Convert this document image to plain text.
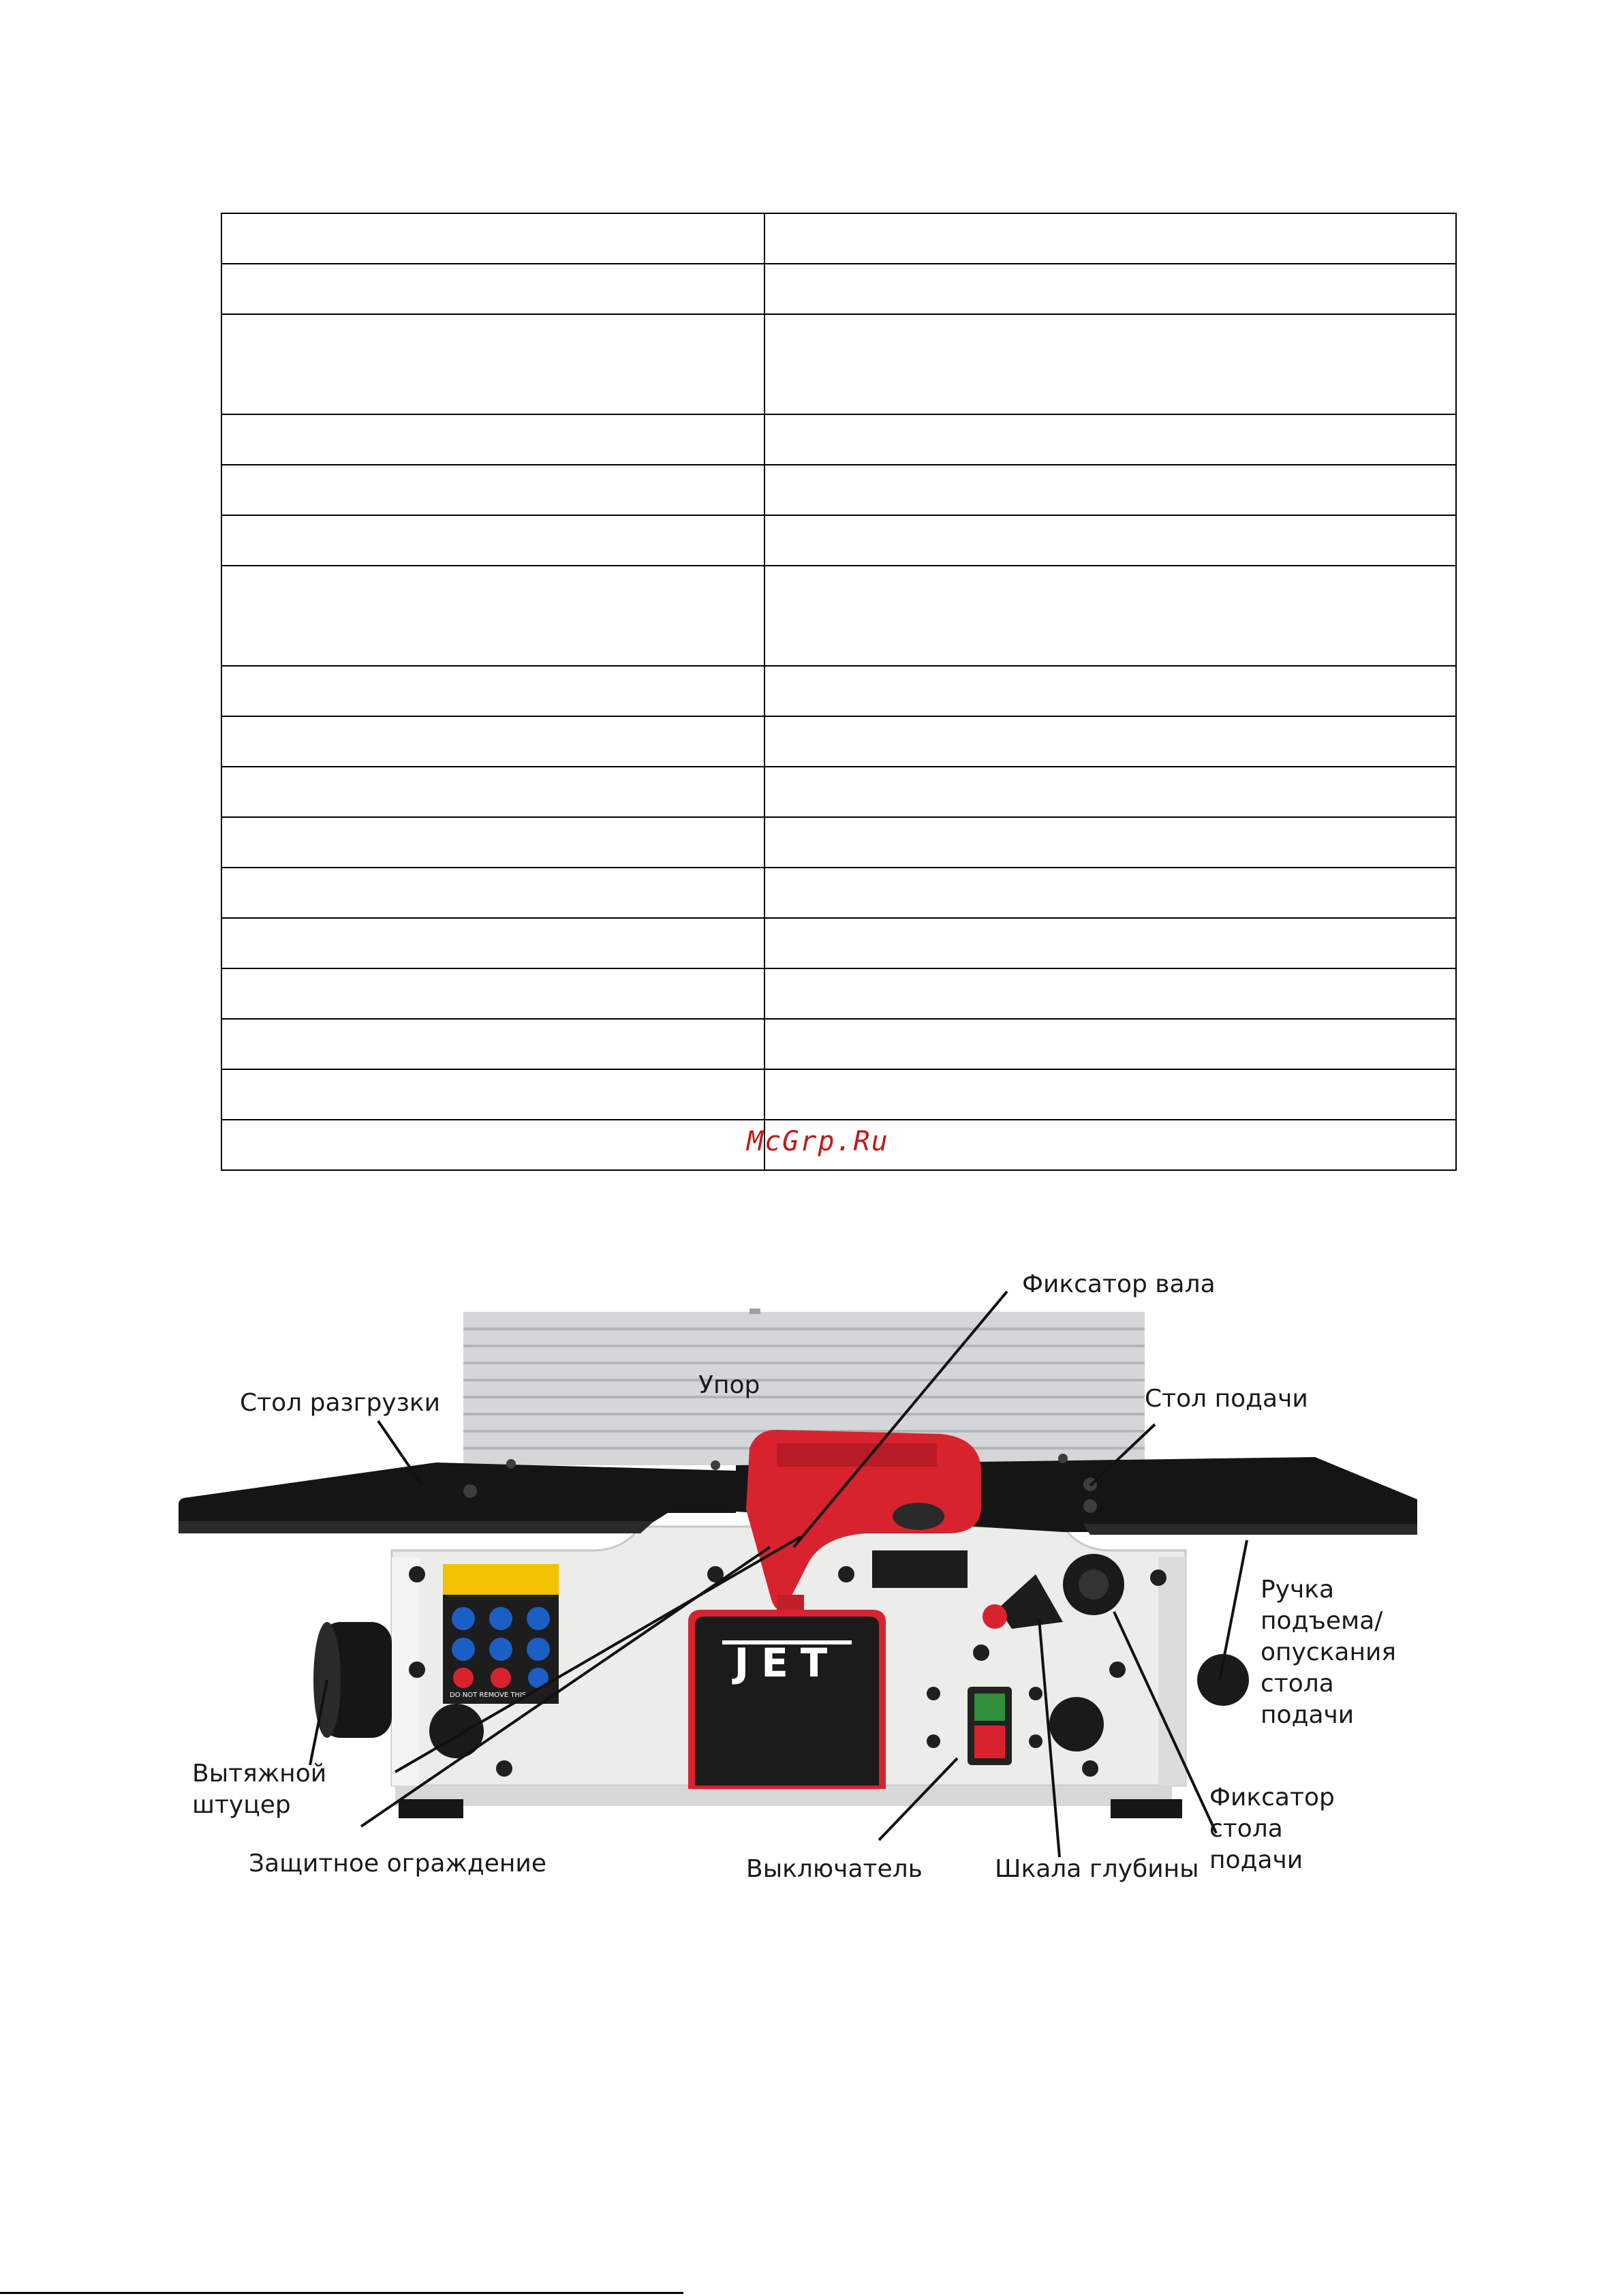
McGrp.Ru
DO NOT REMOVE THIS
JET
Фиксатор вала
Упор
Стол разгрузки	Стол подачи
Ручка
подъема/
опускания
стола
подачи
Вытяжной
штуцер
Защитное ограждение	Выключатель	Шкала глубины
Фиксатор
стола
подачи
